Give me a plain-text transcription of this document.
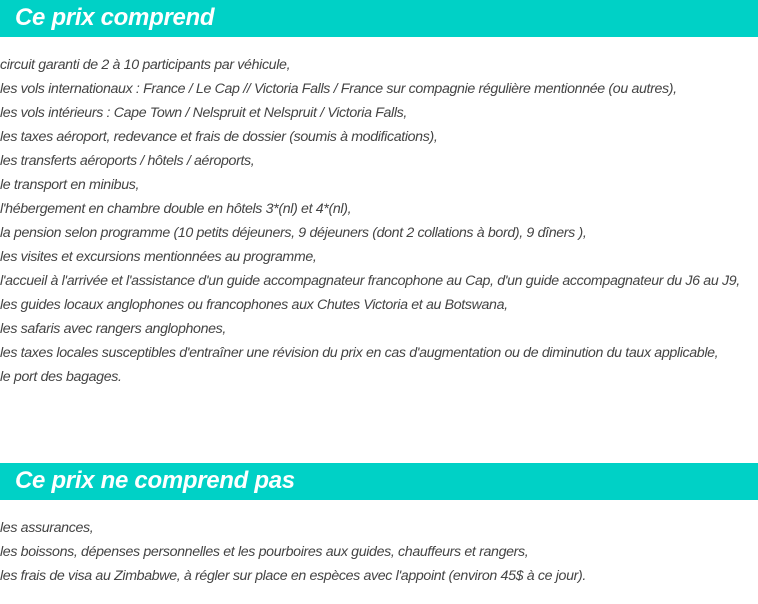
Ce prix comprend
circuit garanti de 2 à 10 participants par véhicule,
les vols internationaux : France / Le Cap // Victoria Falls / France sur compagnie régulière mentionnée (ou autres),
les vols intérieurs : Cape Town / Nelspruit et Nelspruit / Victoria Falls,
les taxes aéroport, redevance et frais de dossier (soumis à modifications),
les transferts aéroports / hôtels / aéroports,
le transport en minibus,
l'hébergement en chambre double en hôtels 3*(nl) et 4*(nl),
la pension selon programme (10 petits déjeuners, 9 déjeuners (dont 2 collations à bord), 9 dîners ),
les visites et excursions mentionnées au programme,
l'accueil à l'arrivée et l'assistance d'un guide accompagnateur francophone au Cap, d'un guide accompagnateur du J6 au J9,
les guides locaux anglophones ou francophones aux Chutes Victoria et au Botswana,
les safaris avec rangers anglophones,
les taxes locales susceptibles d'entraîner une révision du prix en cas d'augmentation ou de diminution du taux applicable,
le port des bagages.
Ce prix ne comprend pas
les assurances,
les boissons, dépenses personnelles et les pourboires aux guides, chauffeurs et rangers,
les frais de visa au Zimbabwe, à régler sur place en espèces avec l'appoint (environ 45$ à ce jour).
